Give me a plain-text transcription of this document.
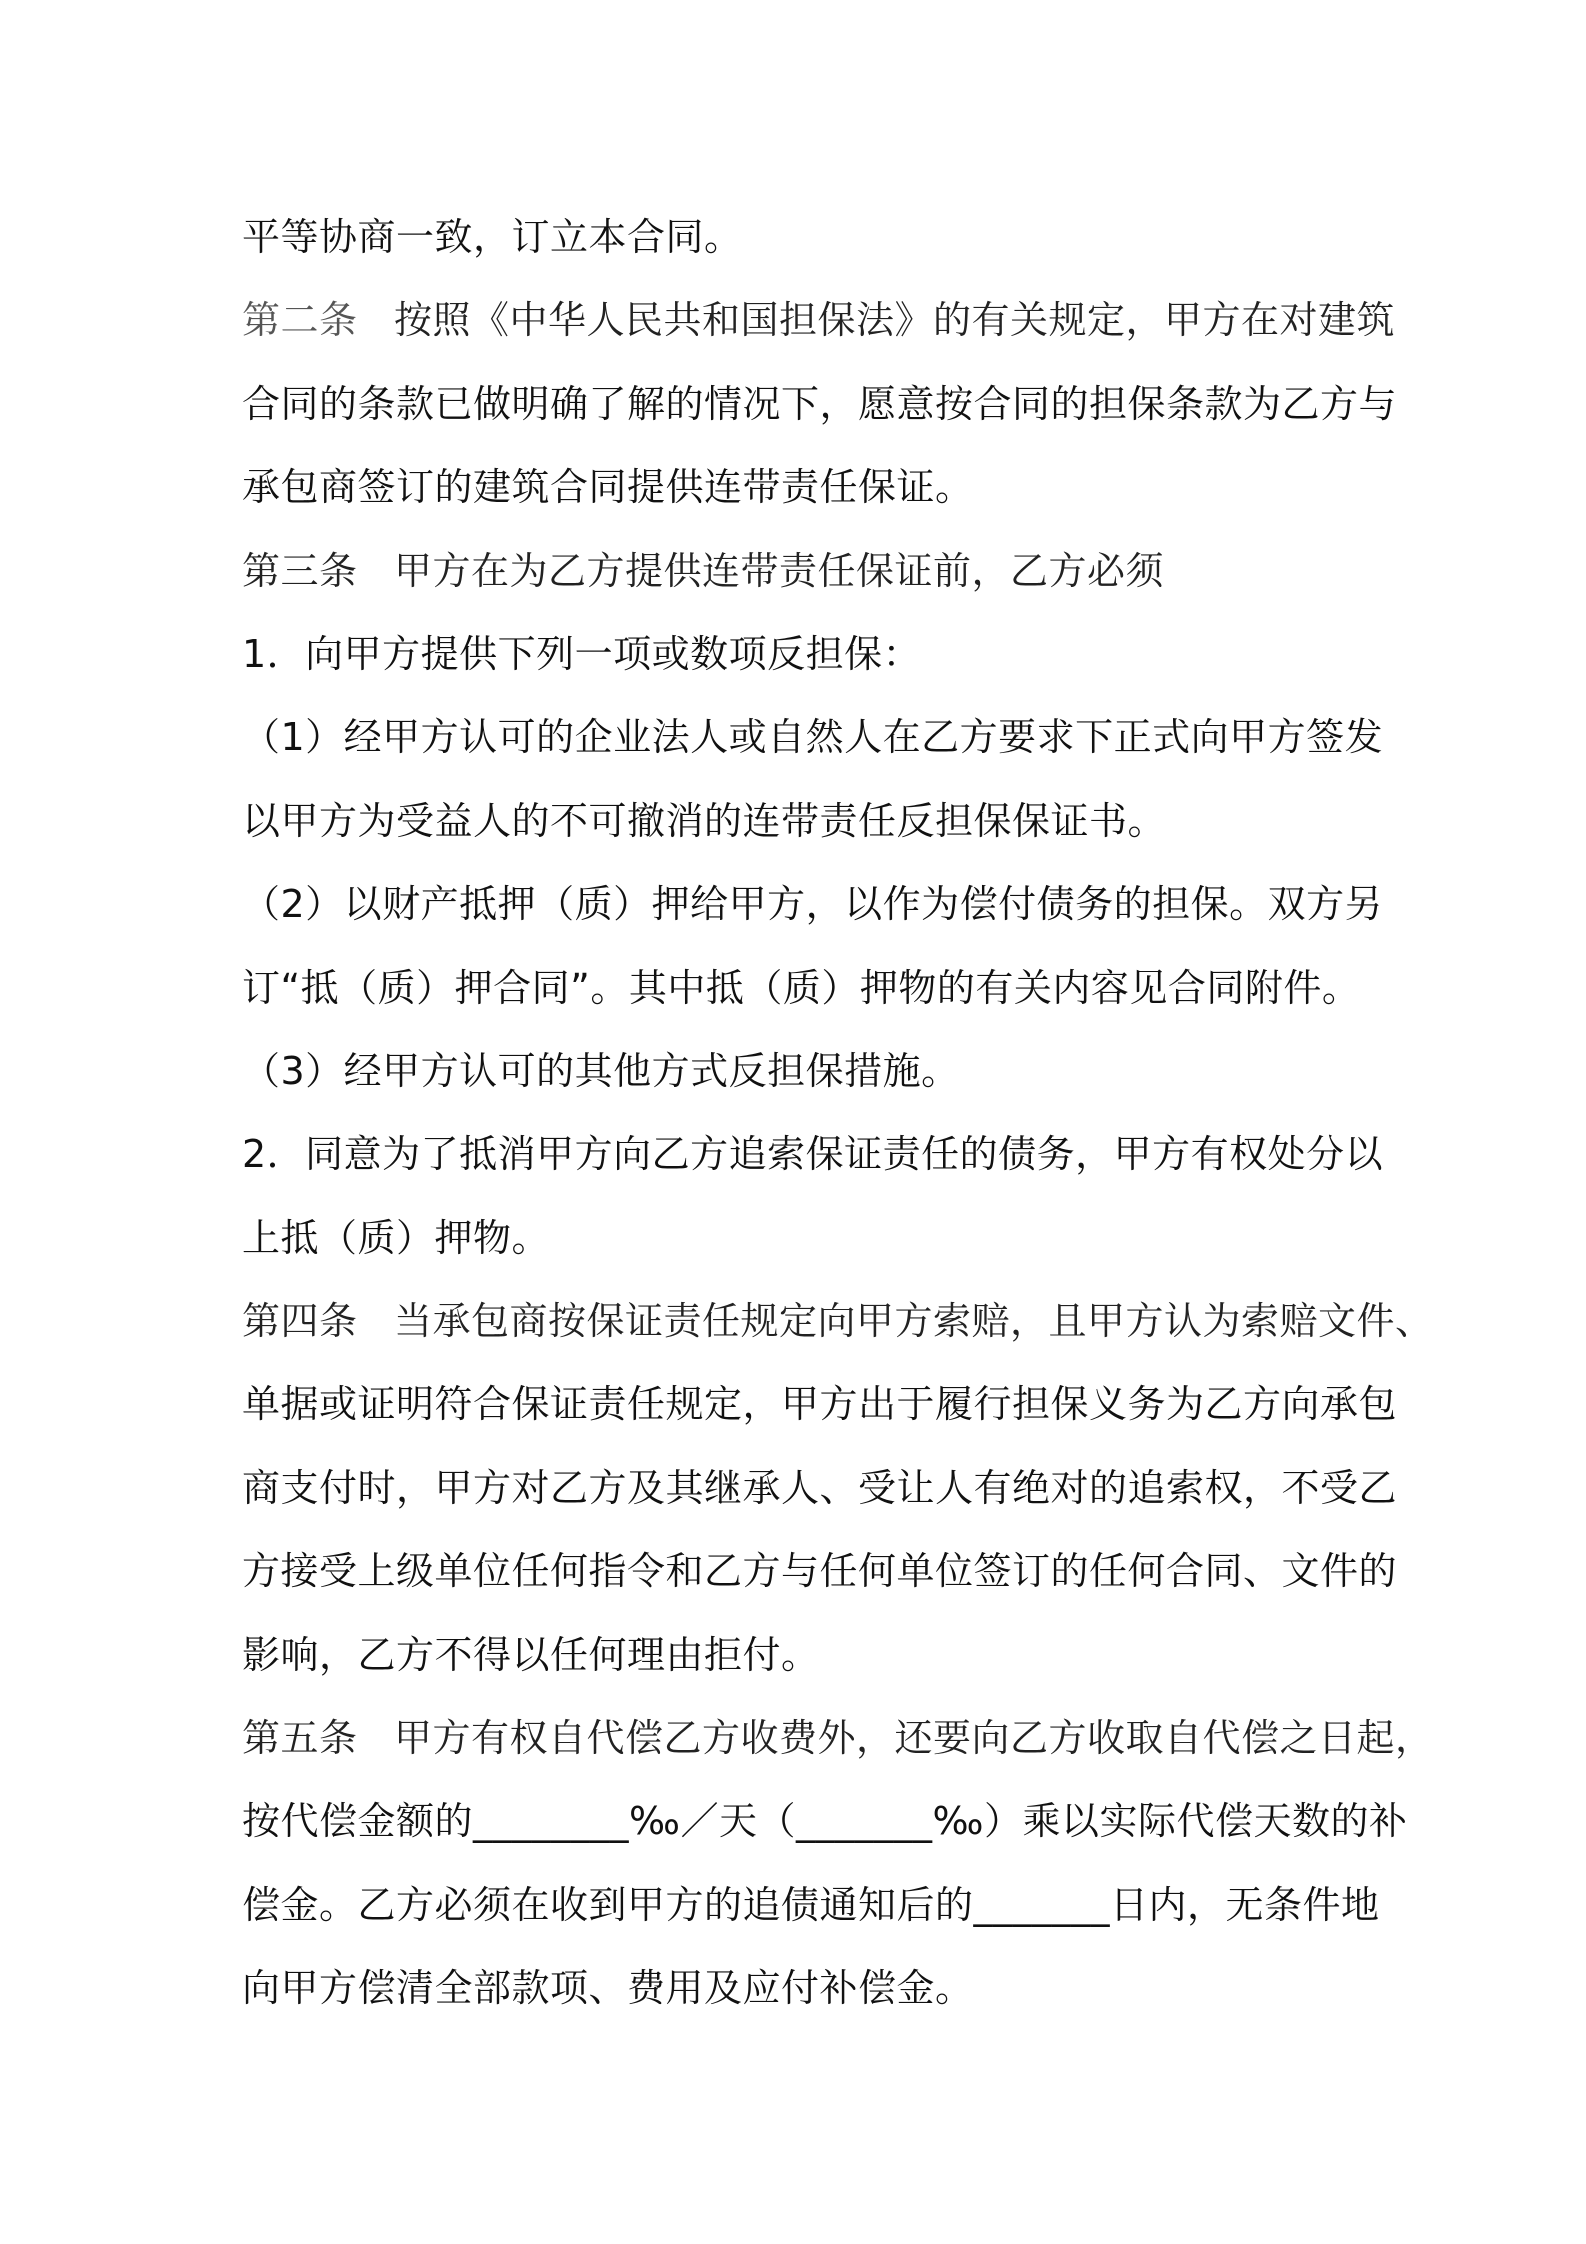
平等协商一致，订立本合同。
第二条 按照《中华人民共和国担保法》的有关规定，甲方在对建筑
合同的条款已做明确了解的情况下，愿意按合同的担保条款为乙方与
承包商签订的建筑合同提供连带责任保证。
第三条 甲方在为乙方提供连带责任保证前，乙方必须
1．向甲方提供下列一项或数项反担保：
（1）经甲方认可的企业法人或自然人在乙方要求下正式向甲方签发
以甲方为受益人的不可撤消的连带责任反担保保证书。
（2）以财产抵押（质）押给甲方，以作为偿付债务的担保。双方另
订“抵（质）押合同”。其中抵（质）押物的有关内容见合同附件。
（3）经甲方认可的其他方式反担保措施。
2．同意为了抵消甲方向乙方追索保证责任的债务，甲方有权处分以
上抵（质）押物。
第四条 当承包商按保证责任规定向甲方索赔，且甲方认为索赔文件、
单据或证明符合保证责任规定，甲方出于履行担保义务为乙方向承包
商支付时，甲方对乙方及其继承人、受让人有绝对的追索权，不受乙
方接受上级单位任何指令和乙方与任何单位签订的任何合同、文件的
影响，乙方不得以任何理由拒付。
第五条 甲方有权自代偿乙方收费外，还要向乙方收取自代偿之日起，
按代偿金额的________‰／天（_______‰）乘以实际代偿天数的补
偿金。乙方必须在收到甲方的追债通知后的_______日内，无条件地
向甲方偿清全部款项、费用及应付补偿金。
